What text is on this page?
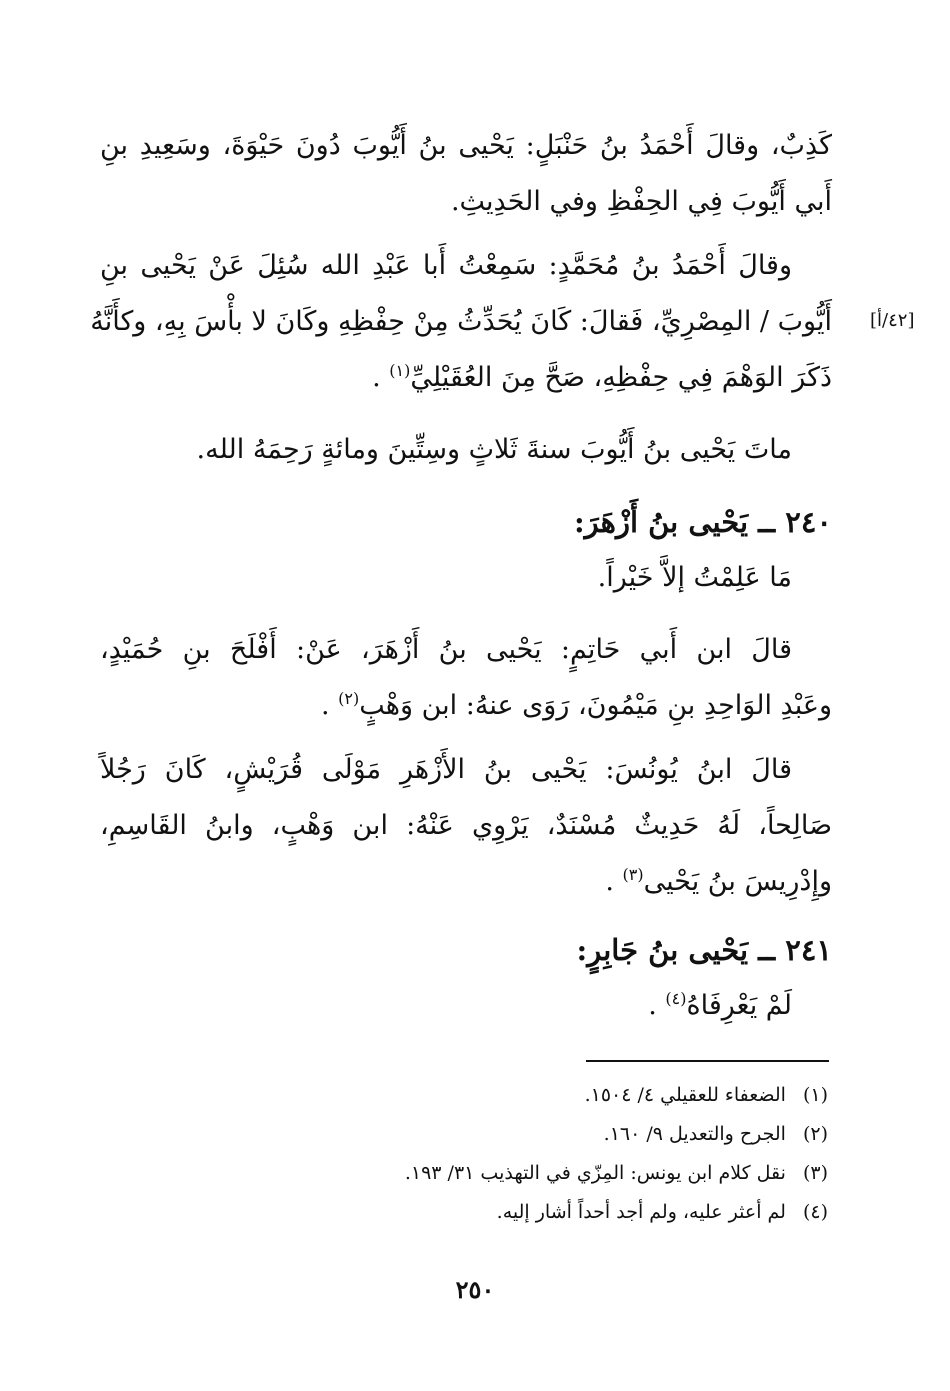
كَذِبٌ، وقالَ أَحْمَدُ بنُ حَنْبَلٍ: يَحْيى بنُ أَيُّوبَ دُونَ حَيْوَةَ، وسَعِيدِ بنِ
أَبي أَيُّوبَ فِي الحِفْظِ وفي الحَدِيثِ.
وقالَ أَحْمَدُ بنُ مُحَمَّدٍ: سَمِعْتُ أَبا عَبْدِ الله سُئِلَ عَنْ يَحْيى بنِ
أَيُّوبَ / المِصْرِيِّ، فَقالَ: كَانَ يُحَدِّثُ مِنْ حِفْظِهِ وكَانَ لا بأْسَ بِهِ، وكأَنَّهُ
ذَكَرَ الوَهْمَ فِي حِفْظِهِ، صَحَّ مِنَ العُقَيْلِيِّ$^{(١)}$ .
[٤٢/أ]
ماتَ يَحْيى بنُ أَيُّوبَ سنةَ ثَلاثٍ وسِتِّينَ ومائةٍ رَحِمَهُ الله.
٢٤٠ ــ يَحْيى بنُ أَزْهَرَ:
مَا عَلِمْتُ إلاَّ خَيْراً.
قالَ ابن أَبي حَاتِمٍ: يَحْيى بنُ أَزْهَرَ، عَنْ: أَفْلَحَ بنِ حُمَيْدٍ،
وعَبْدِ الوَاحِدِ بنِ مَيْمُونَ، رَوَى عنهُ: ابن وَهْبٍ$^{(٢)}$ .
قالَ ابنُ يُونُسَ: يَحْيى بنُ الأَزْهَرِ مَوْلَى قُرَيْشٍ، كَانَ رَجُلاً
صَالِحاً، لَهُ حَدِيثٌ مُسْنَدٌ، يَرْوِي عَنْهُ: ابن وَهْبٍ، وابنُ القَاسِمِ،
وإِدْرِيسَ بنُ يَحْيى$^{(٣)}$ .
٢٤١ ــ يَحْيى بنُ جَابِرٍ:
لَمْ يَعْرِفَاهُ$^{(٤)}$ .
(١) الضعفاء للعقيلي ٤/ ١٥٠٤.
(٢) الجرح والتعديل ٩/ ١٦٠.
(٣) نقل كلام ابن يونس: المِزّي في التهذيب ٣١/ ١٩٣.
(٤) لم أعثر عليه، ولم أجد أحداً أشار إليه.
٢٥٠
